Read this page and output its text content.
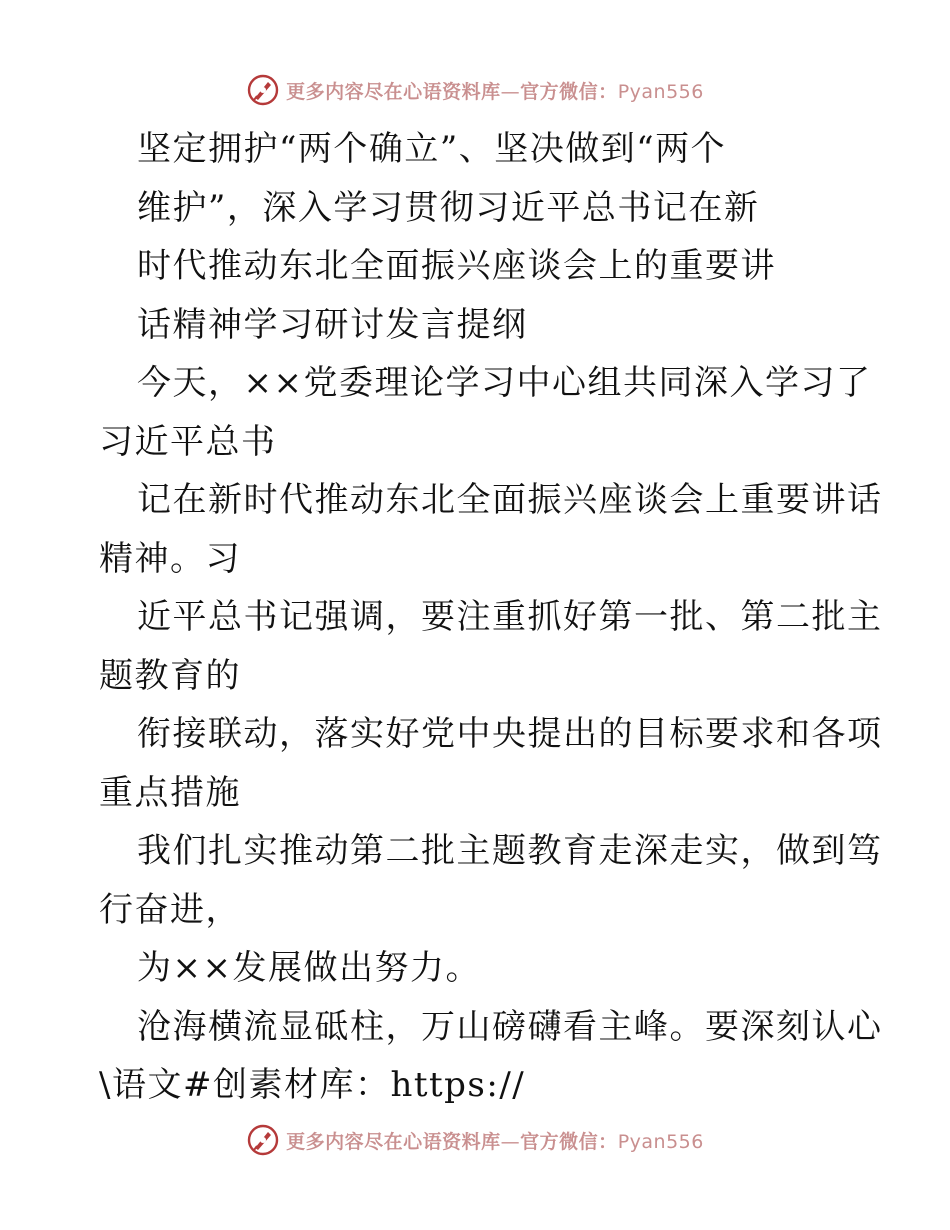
更多内容尽在心语资料库—官方微信：Pyan556
坚定拥护“两个确立”、坚决做到“两个
维护”，深入学习贯彻习近平总书记在新
时代推动东北全面振兴座谈会上的重要讲
话精神学习研讨发言提纲
今天，××党委理论学习中心组共同深入学习了
习近平总书
记在新时代推动东北全面振兴座谈会上重要讲话
精神。习
近平总书记强调，要注重抓好第一批、第二批主
题教育的
衔接联动，落实好党中央提出的目标要求和各项
重点措施
我们扎实推动第二批主题教育走深走实，做到笃
行奋进，
为××发展做出努力。
沧海横流显砥柱，万山磅礴看主峰。要深刻认心
\语文#创素材库：https://
更多内容尽在心语资料库—官方微信：Pyan556
